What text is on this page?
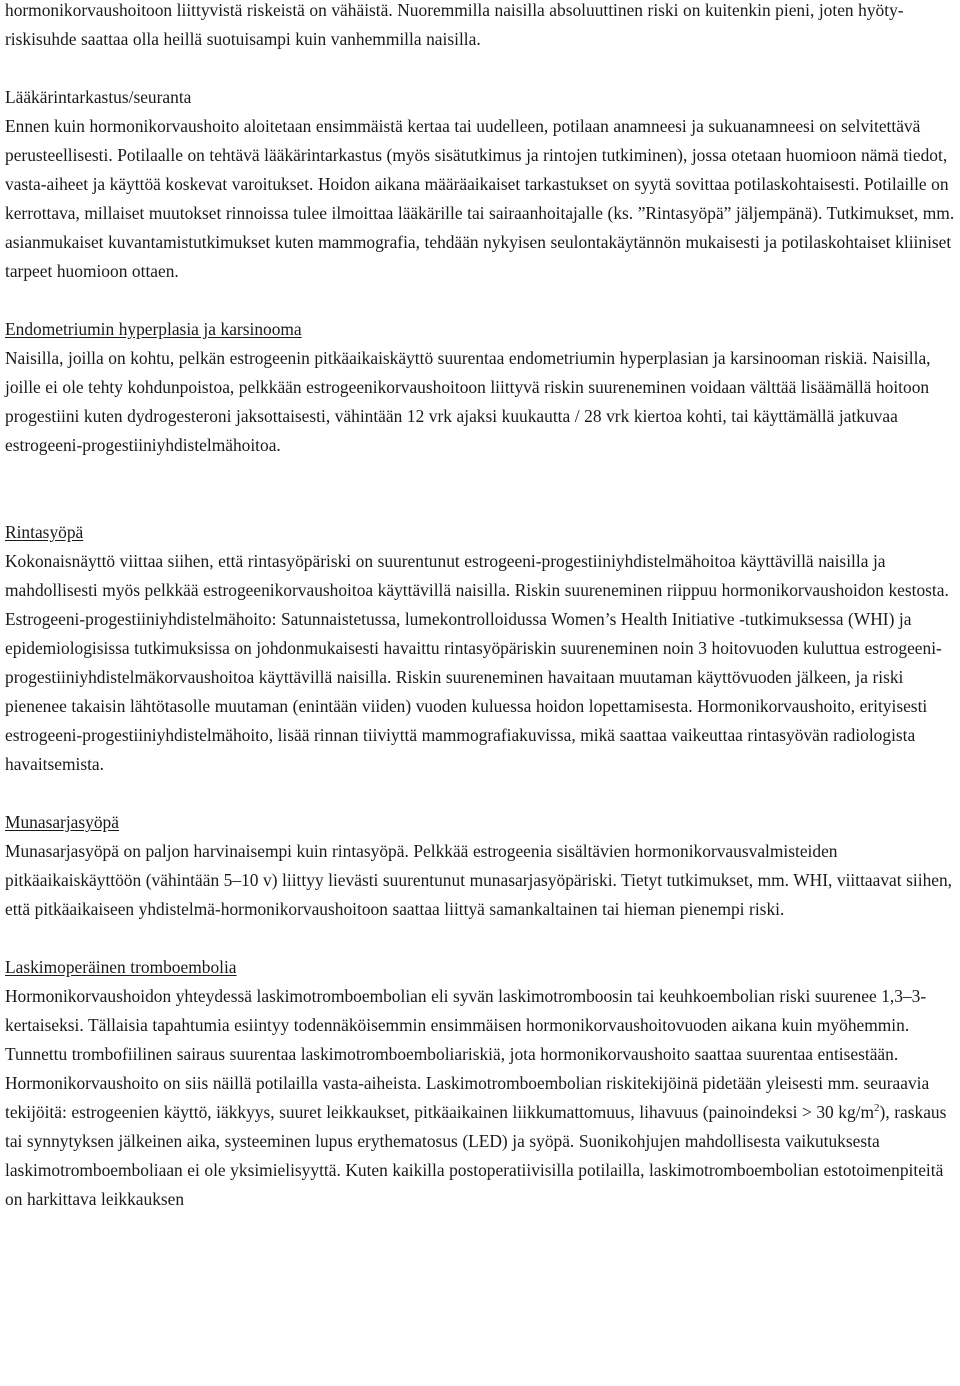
hormonikorvaushoitoon liittyvistä riskeistä on vähäistä. Nuoremmilla naisilla absoluuttinen riski on kuitenkin pieni, joten hyöty-riskisuhde saattaa olla heillä suotuisampi kuin vanhemmilla naisilla.

Lääkärintarkastus/seuranta

Ennen kuin hormonikorvaushoito aloitetaan ensimmäistä kertaa tai uudelleen, potilaan anamneesi ja sukuanamneesi on selvitettävä perusteellisesti. Potilaalle on tehtävä lääkärintarkastus (myös sisätutkimus ja rintojen tutkiminen), jossa otetaan huomioon nämä tiedot, vasta-aiheet ja käyttöä koskevat varoitukset. Hoidon aikana määräaikaiset tarkastukset on syytä sovittaa potilaskohtaisesti. Potilaille on kerrottava, millaiset muutokset rinnoissa tulee ilmoittaa lääkärille tai sairaanhoitajalle (ks. ”Rintasyöpä” jäljempänä). Tutkimukset, mm. asianmukaiset kuvantamistutkimukset kuten mammografia, tehdään nykyisen seulontakäytännön mukaisesti ja potilaskohtaiset kliiniset tarpeet huomioon ottaen.

Endometriumin hyperplasia ja karsinooma

Naisilla, joilla on kohtu, pelkän estrogeenin pitkäaikaiskäyttö suurentaa endometriumin hyperplasian ja karsinooman riskiä. Naisilla, joille ei ole tehty kohdunpoistoa, pelkkään estrogeenikorvaushoitoon liittyvä riskin suureneminen voidaan välttää lisäämällä hoitoon progestiini kuten dydrogesteroni jaksottaisesti, vähintään 12 vrk ajaksi kuukautta / 28 vrk kiertoa kohti, tai käyttämällä jatkuvaa estrogeeni-progestiiniyhdistelmähoitoa.

Rintasyöpä

Kokonaisnäyttö viittaa siihen, että rintasyöpäriski on suurentunut estrogeeni-progestiiniyhdistelmähoitoa käyttävillä naisilla ja mahdollisesti myös pelkkää estrogeenikorvaushoitoa käyttävillä naisilla. Riskin suureneminen riippuu hormonikorvaushoidon kestosta.

Estrogeeni-progestiiniyhdistelmähoito: Satunnaistetussa, lumekontrolloidussa Women’s Health Initiative -tutkimuksessa (WHI) ja epidemiologisissa tutkimuksissa on johdonmukaisesti havaittu rintasyöpäriskin suureneminen noin 3 hoitovuoden kuluttua estrogeeni-progestiiniyhdistelmäkorvaushoitoa käyttävillä naisilla. Riskin suureneminen havaitaan muutaman käyttövuoden jälkeen, ja riski pienenee takaisin lähtötasolle muutaman (enintään viiden) vuoden kuluessa hoidon lopettamisesta. Hormonikorvaushoito, erityisesti estrogeeni-progestiiniyhdistelmähoito, lisää rinnan tiiviyttä mammografiakuvissa, mikä saattaa vaikeuttaa rintasyövän radiologista havaitsemista.

Munasarjasyöpä

Munasarjasyöpä on paljon harvinaisempi kuin rintasyöpä. Pelkkää estrogeenia sisältävien hormonikorvausvalmisteiden pitkäaikaiskäyttöön (vähintään 5–10 v) liittyy lievästi suurentunut munasarjasyöpäriski. Tietyt tutkimukset, mm. WHI, viittaavat siihen, että pitkäaikaiseen yhdistelmä-hormonikorvaushoitoon saattaa liittyä samankaltainen tai hieman pienempi riski.

Laskimoperäinen tromboembolia

Hormonikorvaushoidon yhteydessä laskimotromboembolian eli syvän laskimotromboosin tai keuhkoembolian riski suurenee 1,3–3-kertaiseksi. Tällaisia tapahtumia esiintyy todennäköisemmin ensimmäisen hormonikorvaushoitovuoden aikana kuin myöhemmin. Tunnettu trombofiilinen sairaus suurentaa laskimotromboemboliariskiä, jota hormonikorvaushoito saattaa suurentaa entisestään. Hormonikorvaushoito on siis näillä potilailla vasta-aiheista. Laskimotromboembolian riskitekijöinä pidetään yleisesti mm. seuraavia tekijöitä: estrogeenien käyttö, iäkkyys, suuret leikkaukset, pitkäaikainen liikkumattomuus, lihavuus (painoindeksi > 30 $kg/m^2$), raskaus tai synnytyksen jälkeinen aika, systeeminen lupus erythematosus (LED) ja syöpä. Suonikohjujen mahdollisesta vaikutuksesta laskimotromboemboliaan ei ole yksimielisyyttä. Kuten kaikilla postoperatiivisilla potilailla, laskimotromboembolian estotoimenpiteitä on harkittava leikkauksen
